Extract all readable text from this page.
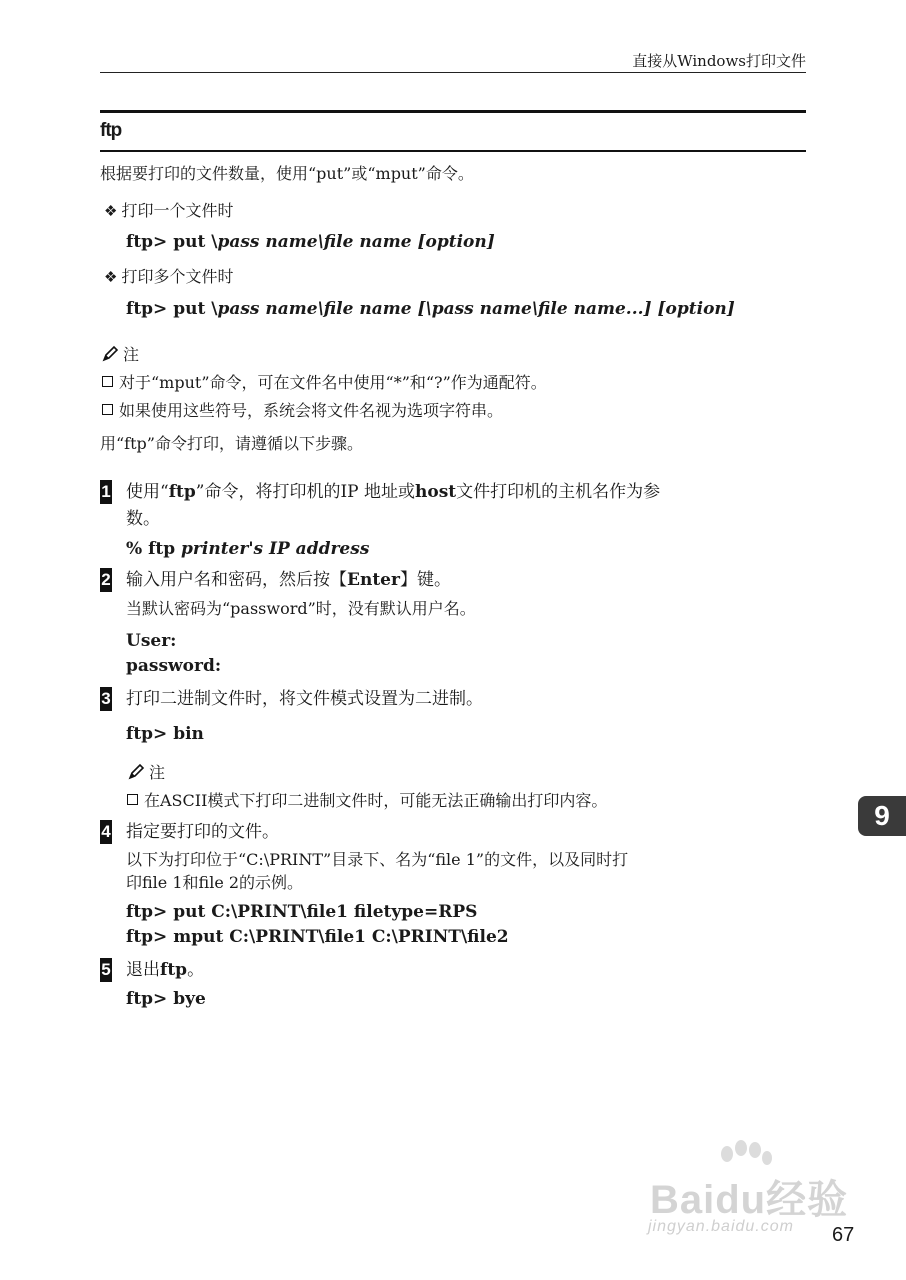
直接从Windows打印文件
ftp
根据要打印的文件数量，使用“put”或“mput”命令。
❖ 打印一个文件时
ftp> put \pass name\file name [option]
❖ 打印多个文件时
ftp> put \pass name\file name [\pass name\file name...] [option]
注
对于“mput”命令，可在文件名中使用“*”和“?”作为通配符。
如果使用这些符号，系统会将文件名视为选项字符串。
用“ftp”命令打印，请遵循以下步骤。
1 使用“ftp”命令，将打印机的IP 地址或host文件打印机的主机名作为参
数。
% ftp printer's IP address
2 输入用户名和密码，然后按【Enter】键。
当默认密码为“password”时，没有默认用户名。
User:
password:
3 打印二进制文件时，将文件模式设置为二进制。
ftp> bin
注
在ASCII模式下打印二进制文件时，可能无法正确输出打印内容。
4 指定要打印的文件。
以下为打印位于“C:\PRINT”目录下、名为“file 1”的文件，以及同时打
印file 1和file 2的示例。
ftp> put C:\PRINT\file1 filetype=RPS
ftp> mput C:\PRINT\file1 C:\PRINT\file2
5 退出ftp。
ftp> bye
9
Baidu经验
jingyan.baidu.com 67
